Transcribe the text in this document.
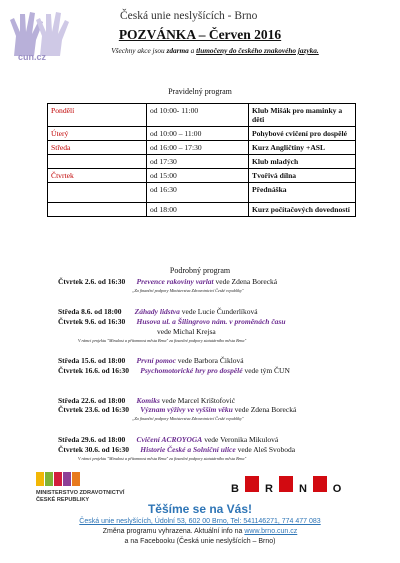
cun.cz
Česká unie neslyšících - Brno
POZVÁNKA – Červen 2016
Všechny akce jsou zdarma a tlumočeny do českého znakového jazyka.
Pravidelný program
Pondělí	od 10:00- 11:00	Klub Mišák pro maminky a děti
Úterý	od 10:00 – 11:00	Pohybové cvičení pro dospělé
Středa	od 16:00 – 17:30	Kurz Angličtiny +ASL
	od 17:30	Klub mladých
Čtvrtek	od 15:00	Tvořivá dílna
	od 16:30	Přednáška
	od 18:00	Kurz počítačových dovedností
Podrobný program
Čtvrtek 2.6. od 16:30 Prevence rakoviny varlat vede Zdena Borecká
„Za finanční podpory Ministerstva Zdravotnictví České republiky"
Středa 8.6. od 18:00 Záhady lidstva vede Lucie Čunderlíková
Čtvrtek 9.6. od 16:30 Husova ul. a Šilingrovo nám. v proměnách času
vede Michal Krejsa
V rámci projektu "Minulost a přítomnost města Brna" za finanční podpory statutárního města Brna"
Středa 15.6. od 18:00 První pomoc vede Barbora Čiklová
Čtvrtek 16.6. od 16:30 Psychomotorické hry pro dospělé vede tým ČUN
Středa 22.6. od 18:00 Komiks vede Marcel Krištofović
Čtvrtek 23.6. od 16:30 Význam výživy ve vyšším věku vede Zdena Borecká
„Za finanční podpory Ministerstva Zdravotnictví České republiky"
Středa 29.6. od 18:00 Cvičení ACROYOGA vede Veronika Mikulová
Čtvrtek 30.6. od 16:30 Historie České a Solniční ulice vede Aleš Svoboda
V rámci projektu "Minulost a přítomnost města Brna" za finanční podpory statutárního města Brna"
MINISTERSTVO ZDRAVOTNICTVÍ
ČESKÉ REPUBLIKY
B R N O
Těšíme se na Vás!
Česká unie neslyšících, Údolní 53, 602 00 Brno, Tel: 541146271, 774 477 083
Změna programu vyhrazena. Aktuální info na www.brno.cun.cz
a na Facebooku (Česká unie neslyšících – Brno)
